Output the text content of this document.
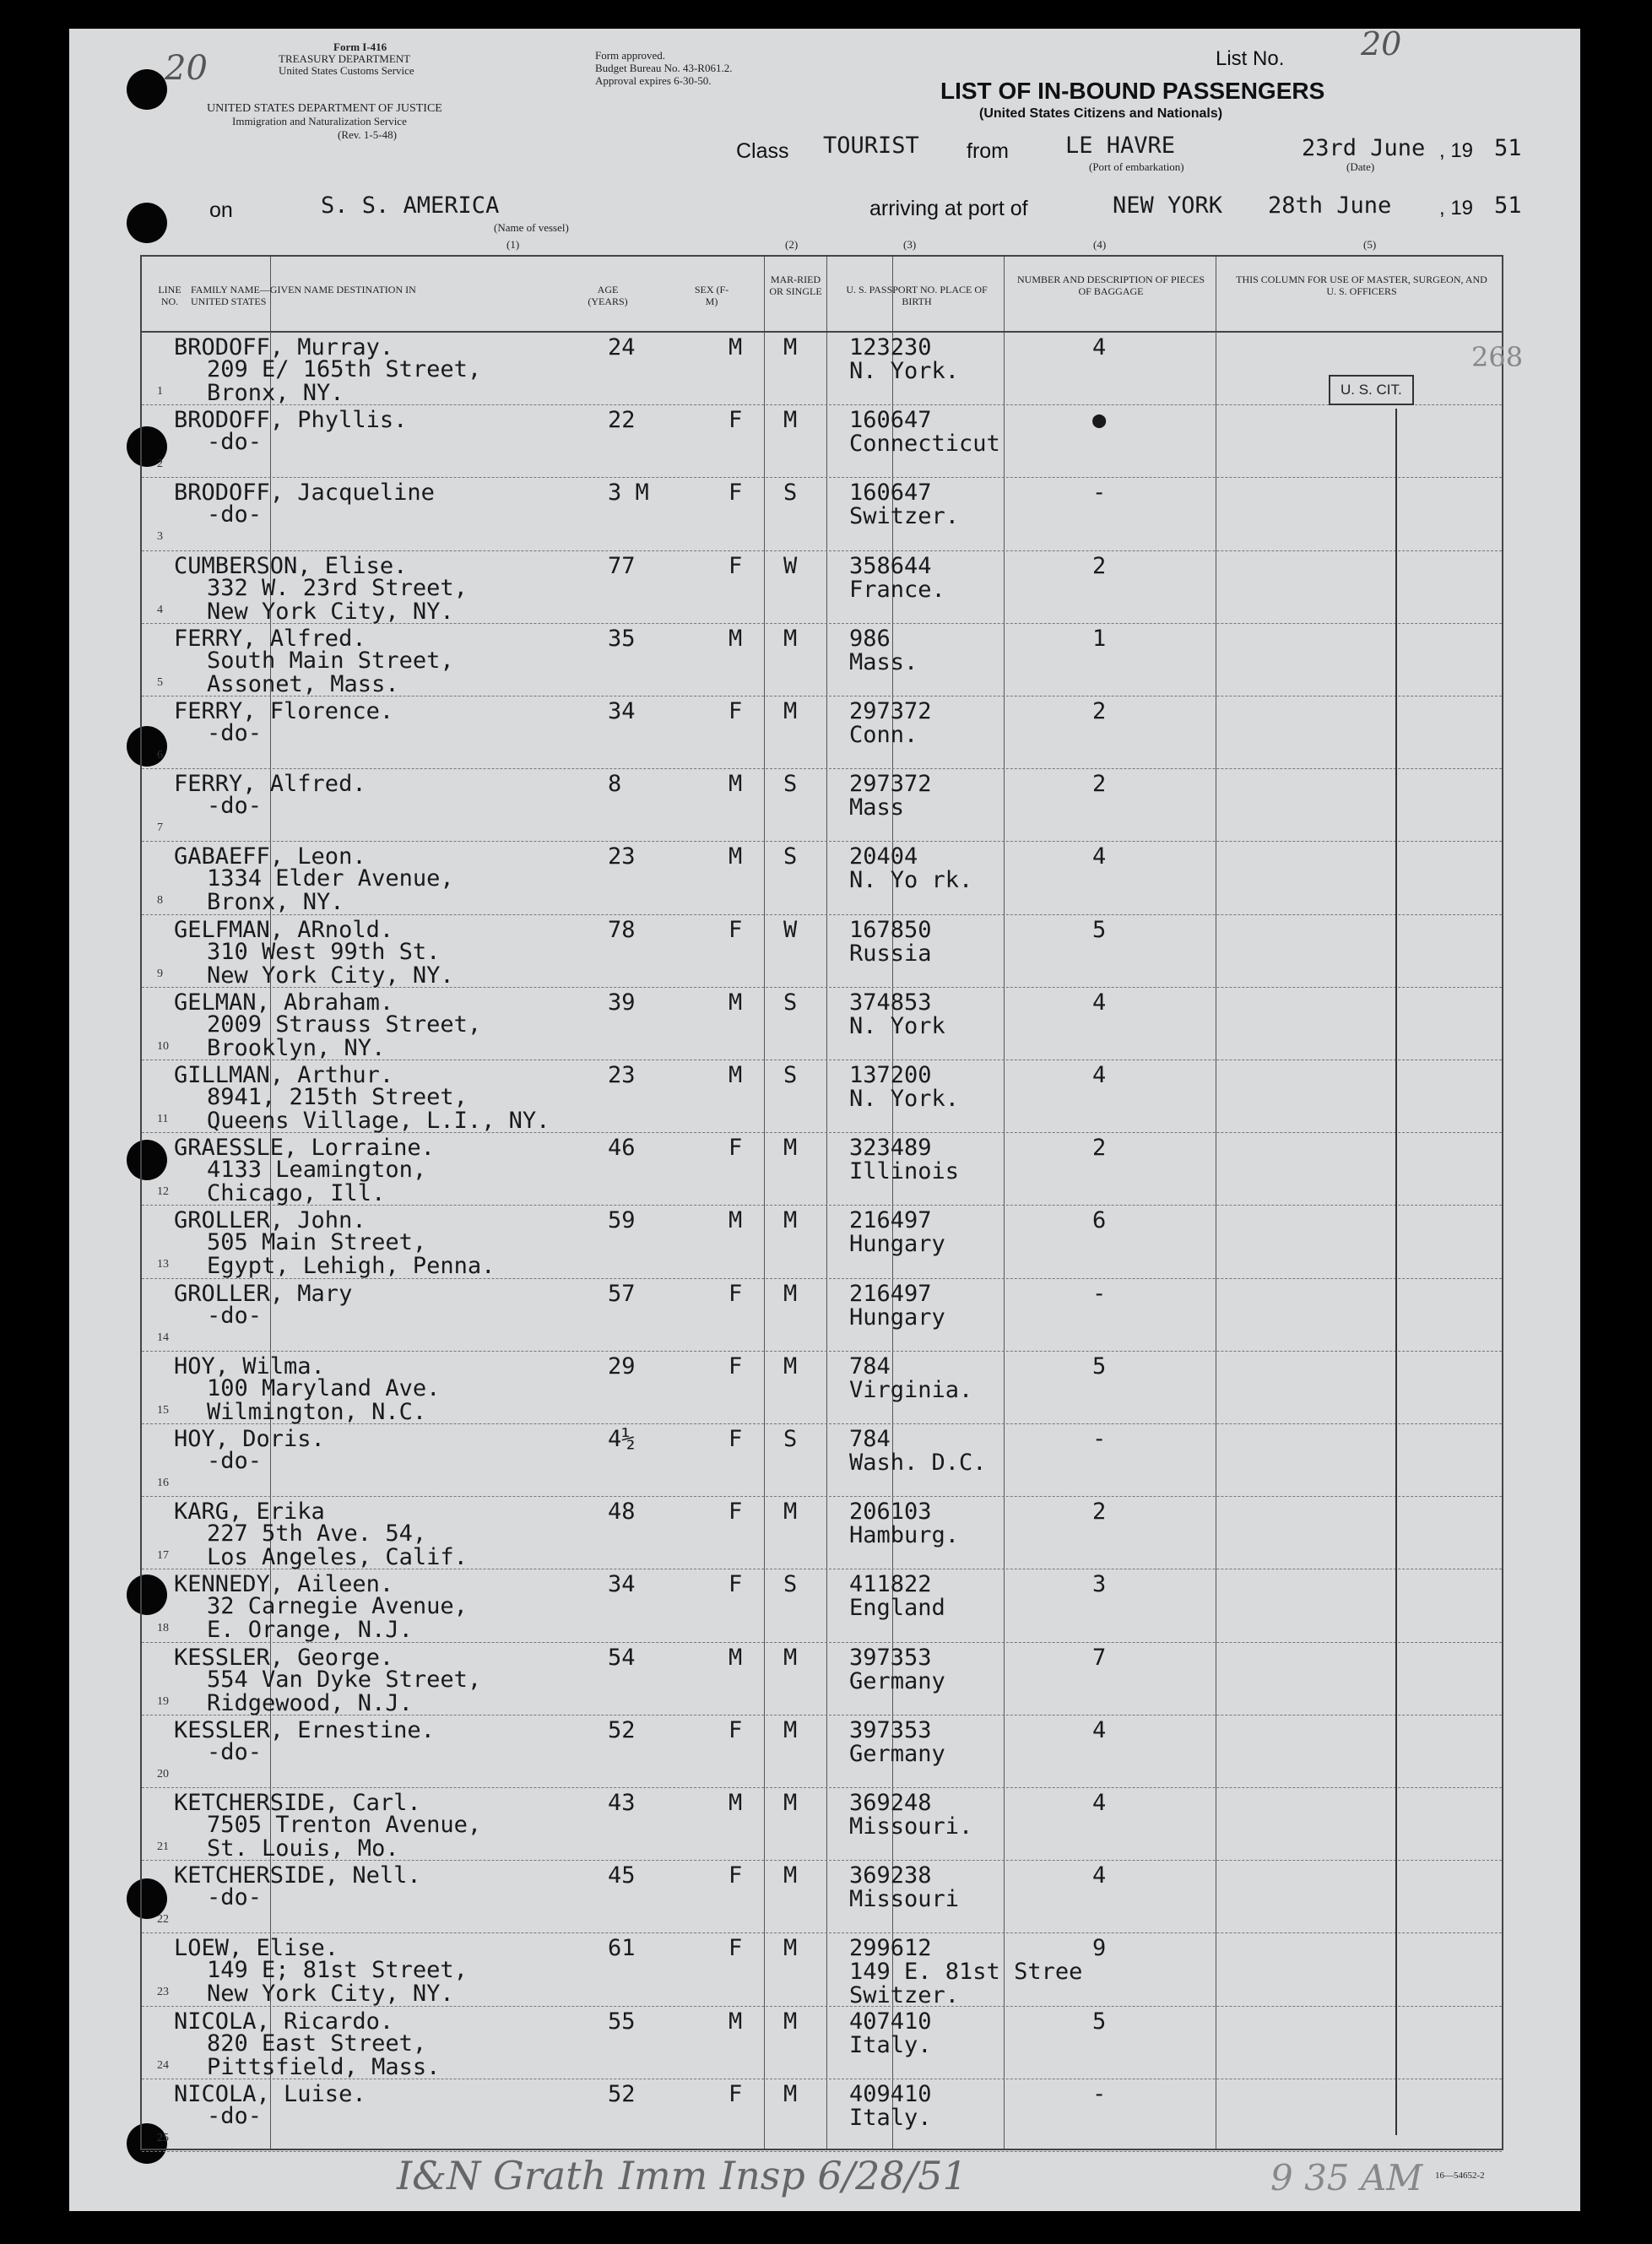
20
Form I-416
TREASURY DEPARTMENT
United States Customs Service
UNITED STATES DEPARTMENT OF JUSTICE
Immigration and Naturalization Service
(Rev. 1-5-48)
Form approved.
Budget Bureau No. 43-R061.2.
Approval expires 6-30-50.
List No. 20
LIST OF IN-BOUND PASSENGERS
(United States Citizens and Nationals)
Class TOURIST from LE HAVRE
(Port of embarkation)
23rd June , 19 51
(Date)
on	S. S. AMERICA
(Name of vessel)
arriving at port of	NEW YORK 28th June , 19 51
(1)	(2)	(3)	(4)	(5)
LINE NO.
FAMILY NAME—GIVEN NAME DESTINATION IN UNITED STATES
AGE (YEARS)
SEX (F-M)
MAR-RIED OR SINGLE	U. S. PASSPORT NO. PLACE OF BIRTH
NUMBER AND DESCRIPTION OF PIECES OF BAGGAGE
THIS COLUMN FOR USE OF MASTER, SURGEON, AND U. S. OFFICERS
1
BRODOFF, Murray.
209 E/ 165th Street,
Bronx, NY.
24	M M 123230
N. York.
4
2
BRODOFF, Phyllis.
-do-
22	F M 160647
Connecticut
●
3
BRODOFF, Jacqueline
-do-
3 M	F S 160647
Switzer.
-
4
CUMBERSON, Elise.
332 W. 23rd Street,
New York City, NY.
77	F W 358644
France.
2
5
FERRY, Alfred.
South Main Street,
Assonet, Mass.
35	M M 986
Mass.
1
6
FERRY, Florence.
-do-
34	F M 297372
Conn.
2
7
FERRY, Alfred.
-do-
8	M S 297372
Mass
2
8
GABAEFF, Leon.
1334 Elder Avenue,
Bronx, NY.
23	M S 20404
N. Yo rk.
4
9
GELFMAN, ARnold.
310 West 99th St.
New York City, NY.
78	F W 167850
Russia
5
10
GELMAN, Abraham.
2009 Strauss Street,
Brooklyn, NY.
39	M S 374853
N. York
4
11
GILLMAN, Arthur.
8941, 215th Street,
Queens Village, L.I., NY.
23	M S 137200
N. York.
4
12
GRAESSLE, Lorraine.
4133 Leamington,
Chicago, Ill.
46	F M 323489
Illinois
2
13
GROLLER, John.
505 Main Street,
Egypt, Lehigh, Penna.
59	M M 216497
Hungary
6
14
GROLLER, Mary
-do-
57	F M 216497
Hungary
-
15
HOY, Wilma.
100 Maryland Ave.
Wilmington, N.C.
29	F M 784
Virginia.
5
16
HOY, Doris.
-do-
4½	F S 784
Wash. D.C.
-
17
KARG, Erika
227 5th Ave. 54,
Los Angeles, Calif.
48	F M 206103
Hamburg.
2
18
KENNEDY, Aileen.
32 Carnegie Avenue,
E. Orange, N.J.
34	F S 411822
England
3
19
KESSLER, George.
554 Van Dyke Street,
Ridgewood, N.J.
54	M M 397353
Germany
7
20
KESSLER, Ernestine.
-do-
52	F M 397353
Germany
4
21
KETCHERSIDE, Carl.
7505 Trenton Avenue,
St. Louis, Mo.
43	M M 369248
Missouri.
4
22
KETCHERSIDE, Nell.
-do-
45	F M 369238
Missouri
4
23
LOEW, Elise.
149 E; 81st Street,
New York City, NY.
61	F M 299612
149 E. 81st Stree
Switzer.
9
24
NICOLA, Ricardo.
820 East Street,
Pittsfield, Mass.
55	M M 407410
Italy.
5
25
NICOLA, Luise.
-do-
52	F M 409410
Italy.
-
U. S. CIT.
268
I&N Grath Imm Insp 6/28/51	9 35 AM 16—54652-2
